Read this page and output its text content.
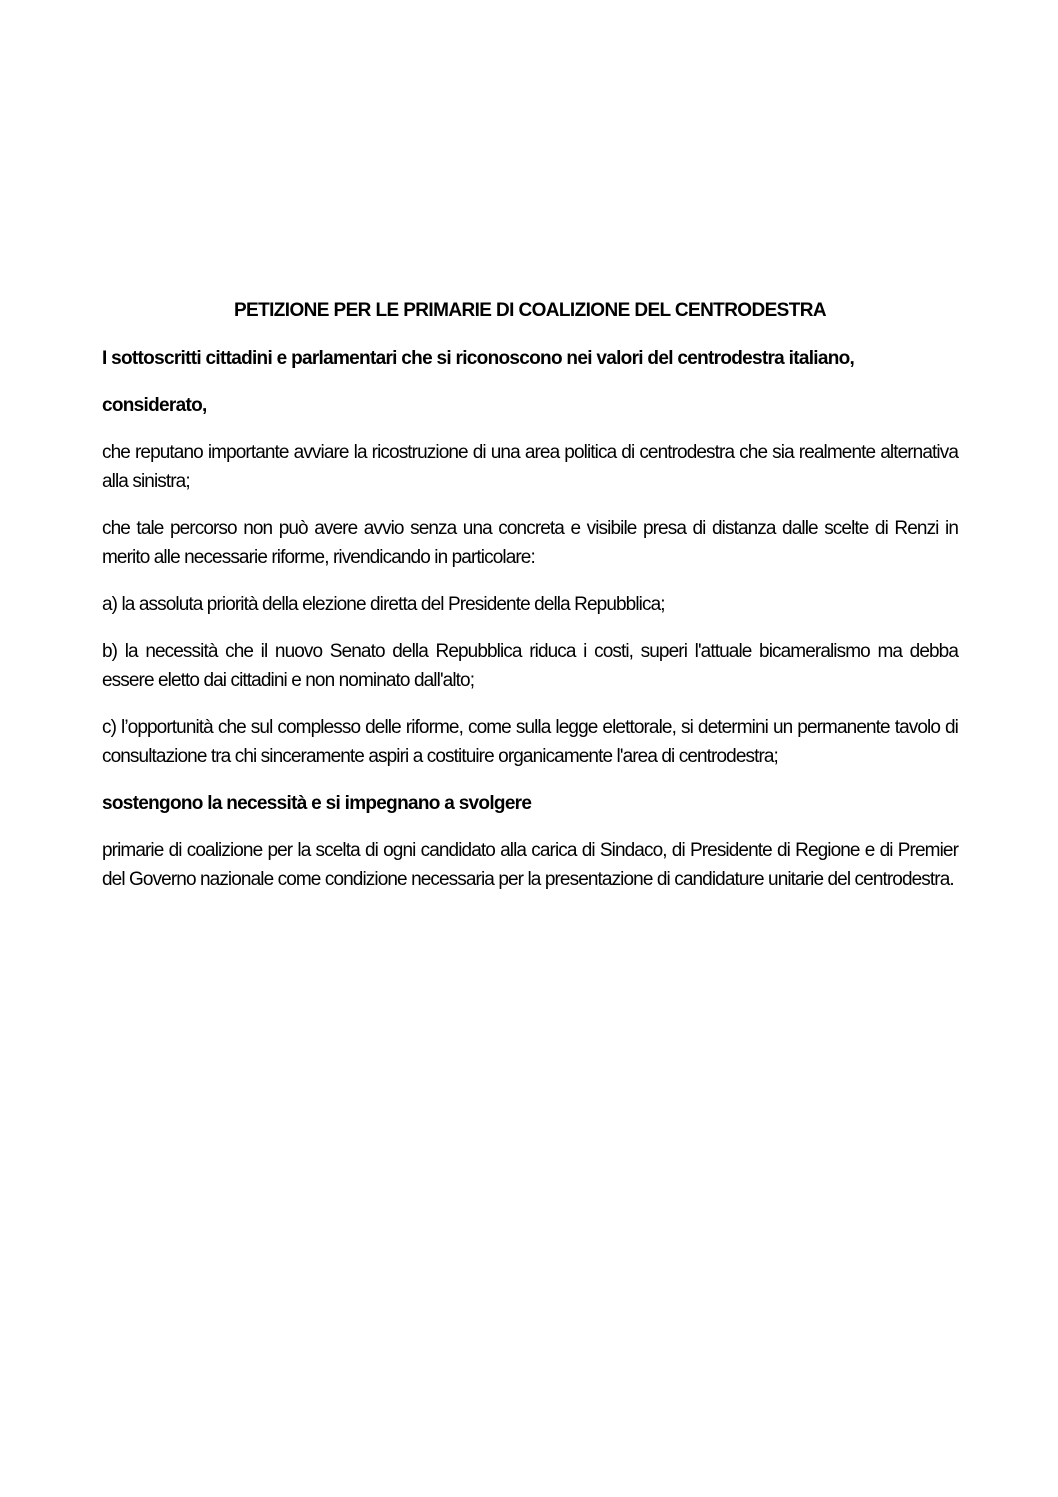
PETIZIONE PER LE PRIMARIE DI COALIZIONE DEL CENTRODESTRA

I sottoscritti cittadini e parlamentari che si riconoscono nei valori del centrodestra italiano,

considerato,

che reputano importante avviare la ricostruzione di una area politica di centrodestra che sia realmente alternativa alla sinistra;

che tale percorso non può avere avvio senza una concreta e visibile presa di distanza dalle scelte di Renzi in merito alle necessarie riforme, rivendicando in particolare:

a) la assoluta priorità della elezione diretta del Presidente della Repubblica;

b) la necessità che il nuovo Senato della Repubblica riduca i costi, superi l'attuale bicameralismo ma debba essere eletto dai cittadini e non nominato dall'alto;

c) l’opportunità che sul complesso delle riforme, come sulla legge elettorale, si determini un permanente tavolo di consultazione tra chi sinceramente aspiri a costituire organicamente l'area di centrodestra;

sostengono la necessità e si impegnano a svolgere

primarie di coalizione per la scelta di ogni candidato alla carica di Sindaco, di Presidente di Regione e di Premier del Governo nazionale come condizione necessaria per la presentazione di candidature unitarie del centrodestra.
